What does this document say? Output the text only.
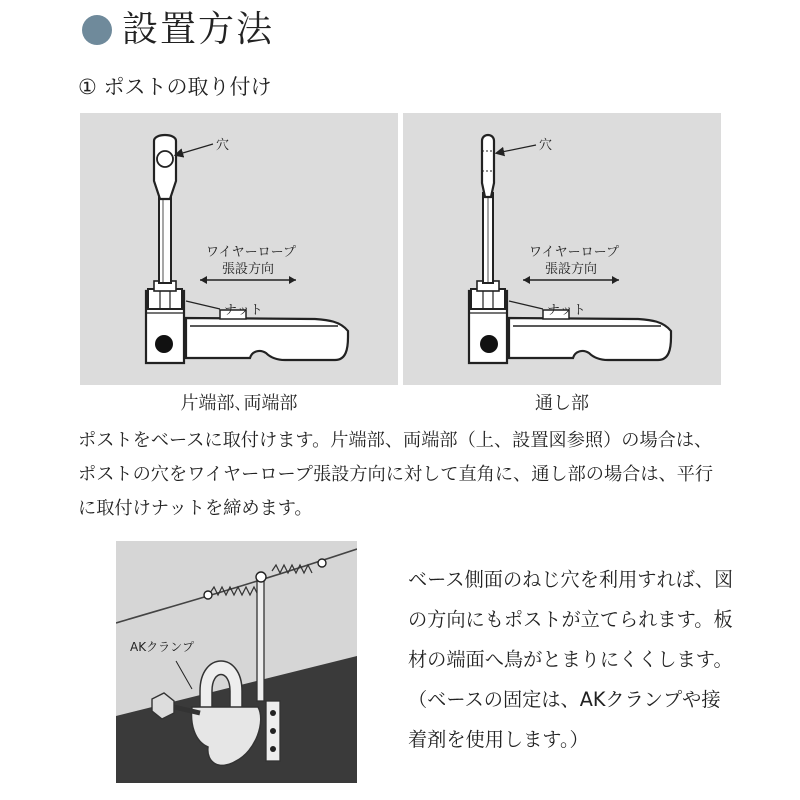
設置方法
① ポストの取り付け
穴
ワイヤーロープ
張設方向
ナット
片端部､両端部
穴
ワイヤーロープ
張設方向
ナット
通し部
ポストをベースに取付けます。片端部、両端部（上、設置図参照）の場合は、ポストの穴をワイヤーロープ張設方向に対して直角に、通し部の場合は、平行に取付けナットを締めます。
AKクランプ
ベース側面のねじ穴を利用すれば、図の方向にもポストが立てられます。板材の端面へ鳥がとまりにくくします。（ベースの固定は、AKクランプや接着剤を使用します。）
